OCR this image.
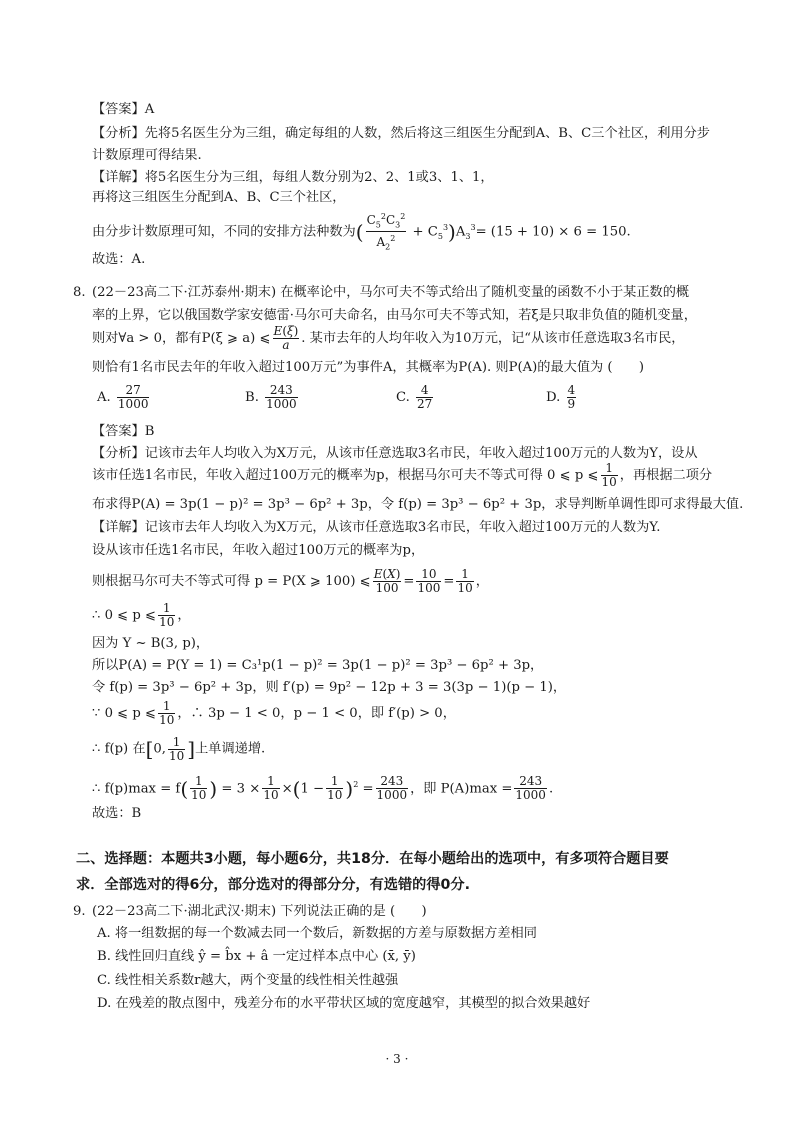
【答案】A
【分析】先将5名医生分为三组，确定每组的人数，然后将这三组医生分配到A、B、C三个社区，利用分步
计数原理可得结果.
【详解】将5名医生分为三组，每组人数分别为2、2、1或3、1、1，
再将这三组医生分配到A、B、C三个社区，
由分步计数原理可知，不同的安排方法种数为( $\frac{C_5^2C_3^2}{A_2^2} + C_5^3)A_3^3= (15 + 10) \times 6 = 150$.
故选：A.
8. (22－23高二下·江苏泰州·期末) 在概率论中，马尔可夫不等式给出了随机变量的函数不小于某正数的概
率的上界，它以俄国数学家安德雷·马尔可夫命名，由马尔可夫不等式知，若ξ是只取非负值的随机变量，
则对∀a > 0，都有P(ξ ⩾ a) ⩽ $\frac{E(\xi)}{a}$ . 某市去年的人均年收入为10万元，记“从该市任意选取3名市民，
则恰有1名市民去年的年收入超过100万元”为事件A，其概率为P(A). 则P(A)的最大值为 (　　)
A. $\frac{27}{1000}$	B. $\frac{243}{1000}$	C. $\frac{4}{27}$	D. $\frac{4}{9}$
【答案】B
【分析】记该市去年人均收入为X万元，从该市任意选取3名市民，年收入超过100万元的人数为Y，设从
该市任选1名市民，年收入超过100万元的概率为p，根据马尔可夫不等式可得 0 ⩽ p ⩽ $\frac{1}{10}$ ，再根据二项分
布求得P(A) = 3p(1 − p)² = 3p³ − 6p² + 3p，令 f(p) = 3p³ − 6p² + 3p，求导判断单调性即可求得最大值.
【详解】记该市去年人均收入为X万元，从该市任意选取3名市民，年收入超过100万元的人数为Y.
设从该市任选1名市民，年收入超过100万元的概率为p，
则根据马尔可夫不等式可得 p = P(X ⩾ 100) ⩽ $\frac{E(X)}{100} = \frac{10}{100} = \frac{1}{10}$ ，
∴ 0 ⩽ p ⩽ $\frac{1}{10}$ ，
因为 Y ~ B(3, p)，
所以P(A) = P(Y = 1) = C₃¹p(1 − p)² = 3p(1 − p)² = 3p³ − 6p² + 3p，
令 f(p) = 3p³ − 6p² + 3p，则 f′(p) = 9p² − 12p + 3 = 3(3p − 1)(p − 1)，
∵ 0 ⩽ p ⩽ $\frac{1}{10}$ ，∴ 3p − 1 < 0，p − 1 < 0，即 f′(p) > 0，
∴ f(p) 在[0, $\frac{1}{10}$ ]上单调递增.
∴ $f(p)\max = f( \frac{1}{10}$ ) = $3 \times \frac{1}{10} \times(1 - \frac{1}{10} )^2 = \frac{243}{1000}$ ，即 $P(A)\max = \frac{243}{1000}$ .
故选：B
二、选择题：本题共3小题，每小题6分，共18分．在每小题给出的选项中，有多项符合题目要
求．全部选对的得6分，部分选对的得部分分，有选错的得0分.
9. (22－23高二下·湖北武汉·期末) 下列说法正确的是 (　　)
A. 将一组数据的每一个数减去同一个数后，新数据的方差与原数据方差相同
B. 线性回归直线 ŷ = b̂x + â 一定过样本点中心 (x̄, ȳ)
C. 线性相关系数r越大，两个变量的线性相关性越强
D. 在残差的散点图中，残差分布的水平带状区域的宽度越窄，其模型的拟合效果越好
· 3 ·
